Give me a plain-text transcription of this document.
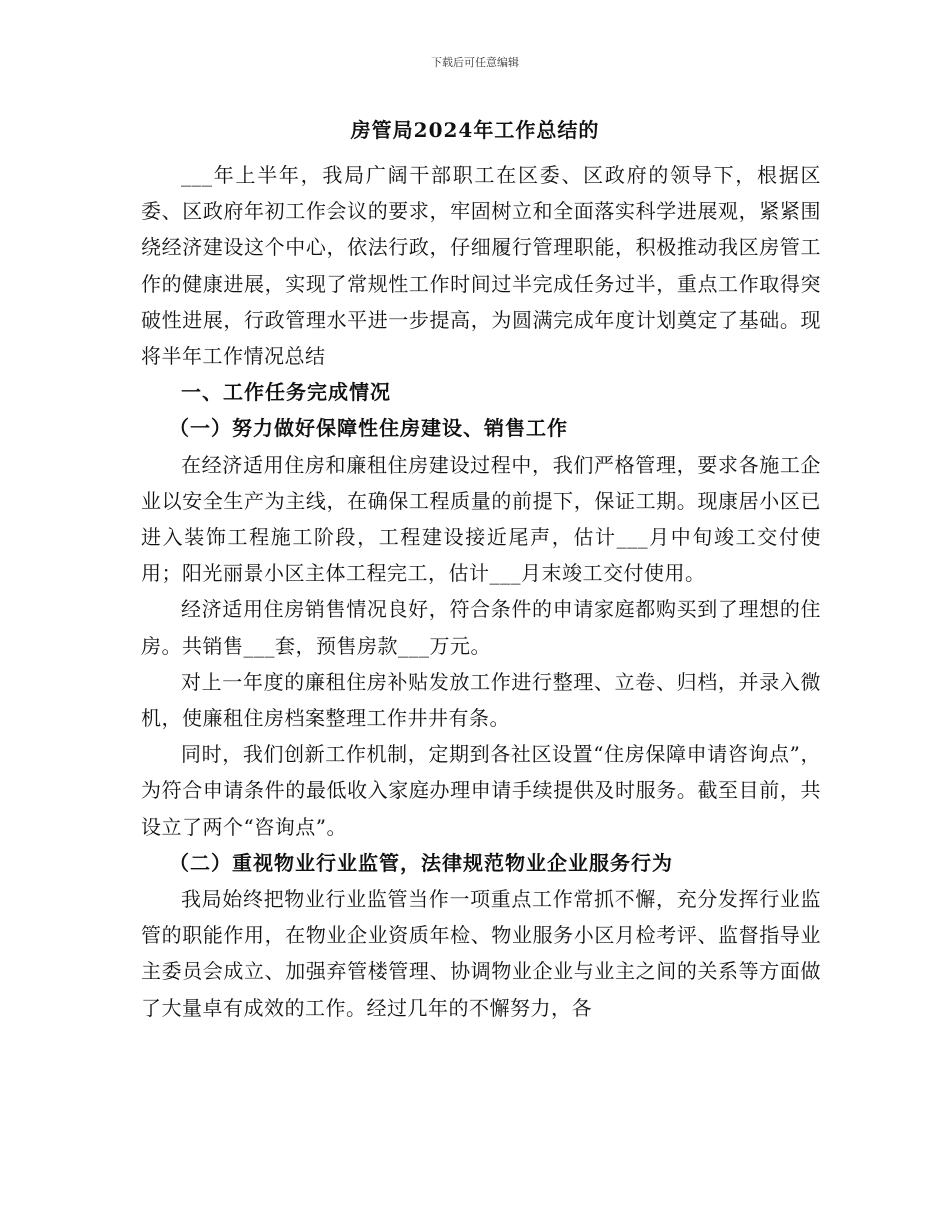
下载后可任意编辑
房管局2024年工作总结的

___年上半年，我局广阔干部职工在区委、区政府的领导下，根据区委、区政府年初工作会议的要求，牢固树立和全面落实科学进展观，紧紧围绕经济建设这个中心，依法行政，仔细履行管理职能，积极推动我区房管工作的健康进展，实现了常规性工作时间过半完成任务过半，重点工作取得突破性进展，行政管理水平进一步提高，为圆满完成年度计划奠定了基础。现将半年工作情况总结

一、工作任务完成情况

（一）努力做好保障性住房建设、销售工作

在经济适用住房和廉租住房建设过程中，我们严格管理，要求各施工企业以安全生产为主线，在确保工程质量的前提下，保证工期。现康居小区已进入装饰工程施工阶段，工程建设接近尾声，估计___月中旬竣工交付使用；阳光丽景小区主体工程完工，估计___月末竣工交付使用。

经济适用住房销售情况良好，符合条件的申请家庭都购买到了理想的住房。共销售___套，预售房款___万元。

对上一年度的廉租住房补贴发放工作进行整理、立卷、归档，并录入微机，使廉租住房档案整理工作井井有条。

同时，我们创新工作机制，定期到各社区设置“住房保障申请咨询点”，为符合申请条件的最低收入家庭办理申请手续提供及时服务。截至目前，共设立了两个“咨询点”。

（二）重视物业行业监管，法律规范物业企业服务行为

我局始终把物业行业监管当作一项重点工作常抓不懈，充分发挥行业监管的职能作用，在物业企业资质年检、物业服务小区月检考评、监督指导业主委员会成立、加强弃管楼管理、协调物业企业与业主之间的关系等方面做了大量卓有成效的工作。经过几年的不懈努力，各
